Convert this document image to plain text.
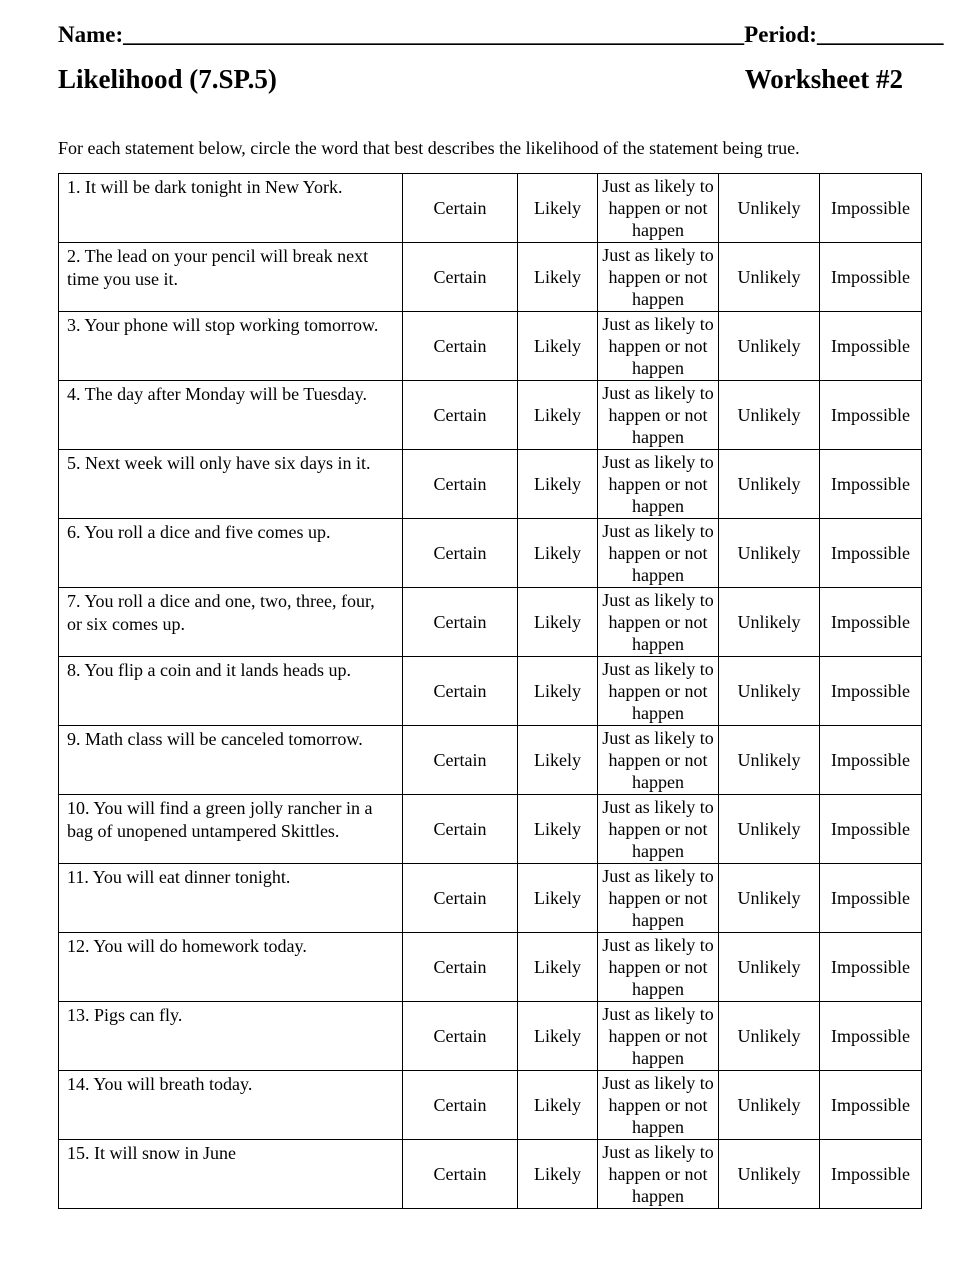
Name:______________________________________________________Period:___________
Likelihood (7.SP.5)	Worksheet #2
For each statement below, circle the word that best describes the likelihood of the statement being true.
1. It will be dark tonight in New York.	Certain	Likely	Just as likely to happen or not happen	Unlikely	Impossible
2. The lead on your pencil will break next time you use it.	Certain	Likely	Just as likely to happen or not happen	Unlikely	Impossible
3. Your phone will stop working tomorrow.	Certain	Likely	Just as likely to happen or not happen	Unlikely	Impossible
4. The day after Monday will be Tuesday.	Certain	Likely	Just as likely to happen or not happen	Unlikely	Impossible
5. Next week will only have six days in it.	Certain	Likely	Just as likely to happen or not happen	Unlikely	Impossible
6. You roll a dice and five comes up.	Certain	Likely	Just as likely to happen or not happen	Unlikely	Impossible
7. You roll a dice and one, two, three, four, or six comes up.	Certain	Likely	Just as likely to happen or not happen	Unlikely	Impossible
8. You flip a coin and it lands heads up.	Certain	Likely	Just as likely to happen or not happen	Unlikely	Impossible
9. Math class will be canceled tomorrow.	Certain	Likely	Just as likely to happen or not happen	Unlikely	Impossible
10. You will find a green jolly rancher in a bag of unopened untampered Skittles.	Certain	Likely	Just as likely to happen or not happen	Unlikely	Impossible
11. You will eat dinner tonight.	Certain	Likely	Just as likely to happen or not happen	Unlikely	Impossible
12. You will do homework today.	Certain	Likely	Just as likely to happen or not happen	Unlikely	Impossible
13. Pigs can fly.	Certain	Likely	Just as likely to happen or not happen	Unlikely	Impossible
14. You will breath today.	Certain	Likely	Just as likely to happen or not happen	Unlikely	Impossible
15. It will snow in June	Certain	Likely	Just as likely to happen or not happen	Unlikely	Impossible
